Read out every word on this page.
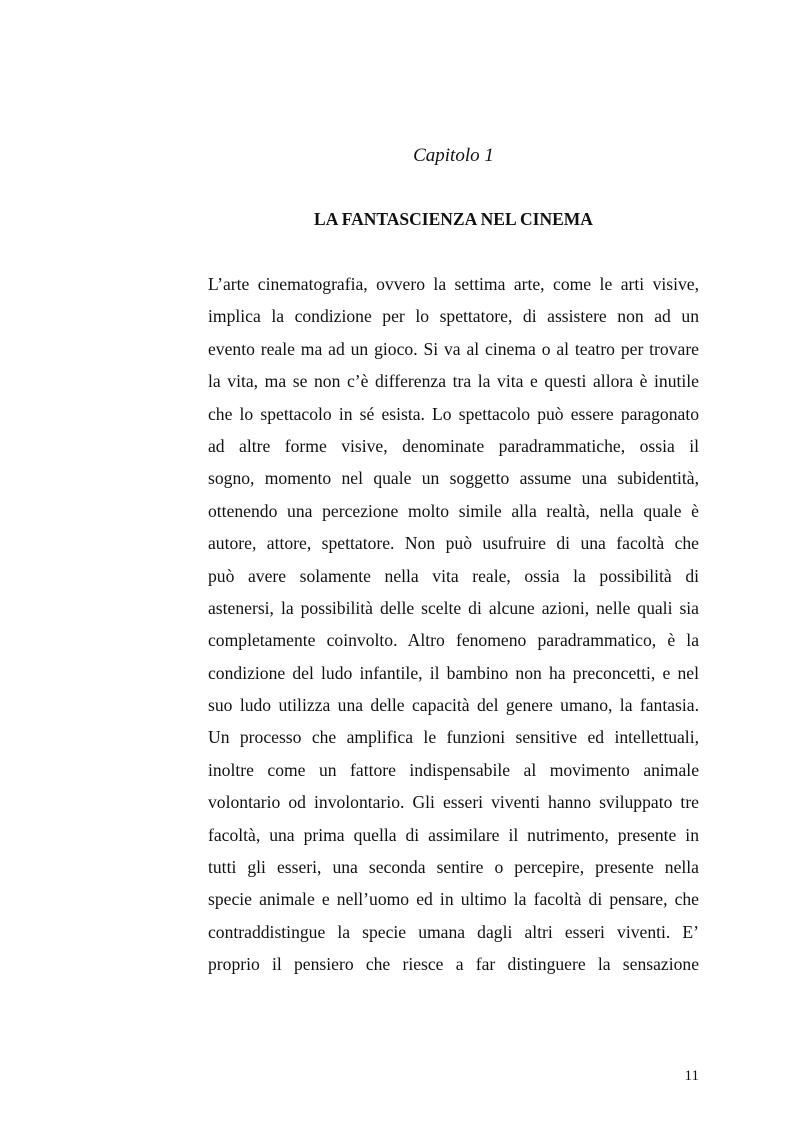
Capitolo 1
LA FANTASCIENZA NEL CINEMA
L’arte cinematografia, ovvero la settima arte, come le arti visive,
implica la condizione per lo spettatore, di assistere non ad un
evento reale ma ad un gioco. Si va al cinema o al teatro per trovare
la vita, ma se non c’è differenza tra la vita e questi allora è inutile
che lo spettacolo in sé esista. Lo spettacolo può essere paragonato
ad altre forme visive, denominate paradrammatiche, ossia il
sogno, momento nel quale un soggetto assume una subidentità,
ottenendo una percezione molto simile alla realtà, nella quale è
autore, attore, spettatore. Non può usufruire di una facoltà che
può avere solamente nella vita reale, ossia la possibilità di
astenersi, la possibilità delle scelte di alcune azioni, nelle quali sia
completamente coinvolto. Altro fenomeno paradrammatico, è la
condizione del ludo infantile, il bambino non ha preconcetti, e nel
suo ludo utilizza una delle capacità del genere umano, la fantasia.
Un processo che amplifica le funzioni sensitive ed intellettuali,
inoltre come un fattore indispensabile al movimento animale
volontario od involontario. Gli esseri viventi hanno sviluppato tre
facoltà, una prima quella di assimilare il nutrimento, presente in
tutti gli esseri, una seconda sentire o percepire, presente nella
specie animale e nell’uomo ed in ultimo la facoltà di pensare, che
contraddistingue la specie umana dagli altri esseri viventi. E’
proprio il pensiero che riesce a far distinguere la sensazione
11
